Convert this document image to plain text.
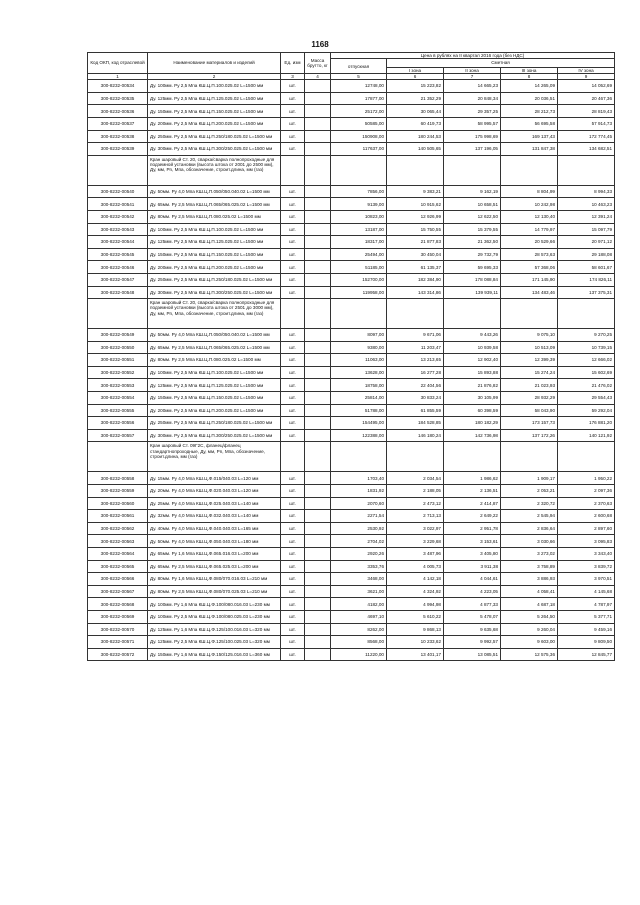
1168
Код ОКП, код отраслевой	Наименование материалов и изделий	Ед. изм	Масса брутто, кг	Цена в рублях на II квартал 2016 года (без НДС)				
				отпускная	Сметная			
					I зона	II зона	III зона	IV зона
1	2	3	4	5	6	7	8	9
300-8232-00534	Ду. 100мм. Ру 2,5 Мпа КШ.Ц.П.100.025.02 L=1500 мм	шт.		12748,00	15 223,82	14 665,23	14 265,09	14 052,69
300-8232-00535	Ду. 125мм. Ру 2,5 Мпа КШ.Ц.П.125.025.02 L=1500 мм	шт.		17877,00	21 352,29	20 848,34	20 036,51	20 467,36
300-8232-00536	Ду. 150мм. Ру 2,5 Мпа КШ.Ц.П.150.025.02 L=1500 мм	шт.		25172,00	30 065,44	29 357,25	28 212,73	28 819,43
300-8232-00537	Ду. 200мм. Ру 2,5 Мпа КШ.Ц.П.200.025.02 L=1500 мм	шт.		50585,00	60 419,73	58 995,57	56 695,58	57 914,73
300-8232-00538	Ду. 250мм. Ру 2,5 Мпа КШ.Ц.П.250/180.025.02 L=1500 мм	шт.		150908,00	180 244,53	175 998,69	169 137,43	172 774,45
300-8232-00539	Ду. 300мм. Ру 2,5 Мпа КШ.Ц.П.300/250.025.02 L=1500 мм	шт.		117637,00	140 505,65	137 196,05	131 847,38	134 682,51
	Кран шаровый Ст. 20, сварка/сварка полнопроходные для подземной установки (высота штока от 2001 до 2500 мм), Ду, мм, Рn, Мпа, обозначение, строит.длина, мм (газ)							
300-8232-00540	Ду. 50мм. Ру 4,0 Мпа КШ.Ц.П.050/050.040.02 L=1500 мм	шт.		7856,00	9 383,21	9 162,19	8 804,99	8 994,33
300-8232-00541	Ду. 65мм. Ру 2,5 Мпа КШ.Ц.П.065/065.025.02 L=1500 мм	шт.		9139,00	10 915,62	10 658,51	10 242,98	10 463,23
300-8232-00542	Ду. 80мм. Ру 2,5 Мпа КШ.Ц.П.080.025.02 L=1500 мм	шт.		10823,00	12 926,99	12 622,50	12 130,40	12 391,24
300-8232-00543	Ду. 100мм. Ру 2,5 Мпа КШ.Ц.П.100.025.02 L=1500 мм	шт.		13187,00	15 750,55	15 379,55	14 779,97	15 097,79
300-8232-00544	Ду. 125мм. Ру 2,5 Мпа КШ.Ц.П.125.025.02 L=1500 мм	шт.		18317,00	21 877,83	21 362,50	20 529,66	20 971,12
300-8232-00545	Ду. 150мм. Ру 2,5 Мпа КШ.Ц.П.150.025.02 L=1500 мм	шт.		25494,00	30 450,04	29 732,79	28 573,63	29 188,08
300-8232-00546	Ду. 200мм. Ру 2,5 Мпа КШ.Ц.П.200.025.02 L=1500 мм	шт.		51185,00	61 135,37	59 695,33	57 368,06	58 601,67
300-8232-00547	Ду. 250мм. Ру 2,5 Мпа КШ.Ц.П.250/180.025.02 L=1500 мм	шт.		152700,00	182 384,90	178 088,84	171 145,90	174 826,11
300-8232-00548	Ду. 300мм. Ру 2,5 Мпа КШ.Ц.П.300/250.025.02 L=1500 мм	шт.		119958,00	143 314,86	139 939,11	134 483,46	137 375,31
	Кран шаровый Ст. 20, сварка/сварка полнопроходные для подземной установки (высота штока от 2501 до 3000 мм), Ду, мм, Рn, Мпа, обозначение, строит.длина, мм (газ)							
300-8232-00549	Ду. 50мм. Ру 4,0 Мпа КШ.Ц.П.050/050.040.02 L=1500 мм	шт.		8097,00	9 671,06	9 443,26	9 075,10	9 270,25
300-8232-00550	Ду. 65мм. Ру 2,5 Мпа КШ.Ц.П.065/065.025.02 L=1500 мм	шт.		9380,00	11 203,47	10 939,58	10 513,09	10 739,15
300-8232-00551	Ду. 80мм. Ру 2,5 Мпа КШ.Ц.П.080.025.02 L=1500 мм	шт.		11063,00	13 213,65	12 902,40	12 399,39	12 666,02
300-8232-00552	Ду. 100мм. Ру 2,5 Мпа КШ.Ц.П.100.025.02 L=1500 мм	шт.		13628,00	16 277,28	15 893,88	15 274,24	15 602,69
300-8232-00553	Ду. 125мм. Ру 2,5 Мпа КШ.Ц.П.125.025.02 L=1500 мм	шт.		18758,00	22 404,56	21 876,82	21 023,93	21 476,02
300-8232-00554	Ду. 150мм. Ру 2,5 Мпа КШ.Ц.П.150.025.02 L=1500 мм	шт.		25814,00	30 833,24	30 105,99	28 932,29	29 554,43
300-8232-00555	Ду. 200мм. Ру 2,5 Мпа КШ.Ц.П.200.025.02 L=1500 мм	шт.		51788,00	61 855,59	60 398,59	58 043,90	59 292,04
300-8232-00556	Ду. 250мм. Ру 2,5 Мпа КШ.Ц.П.250/180.025.02 L=1500 мм	шт.		154495,00	184 528,85	180 182,29	173 157,73	176 881,20
300-8232-00557	Ду. 300мм. Ру 2,5 Мпа КШ.Ц.П.300/250.025.02 L=1500 мм	шт.		122388,00	146 180,24	142 736,98	137 172,26	140 121,92
	Кран шаровый Ст. 09Г2С, фланец/фланец стандартнопроходные, Ду, мм, Рn, Мпа, обозначение, строит.длина, мм (газ)							
300-8232-00558	Ду. 15мм. Ру 4,0 Мпа КШ.Ц.Ф.015/040.03 L=120 мм	шт.		1703,40	2 034,54	1 986,62	1 909,17	1 950,22
300-8232-00559	Ду. 20мм. Ру 4,0 Мпа КШ.Ц.Ф.020.040.03 L=120 мм	шт.		1831,92	2 188,05	2 136,51	2 053,21	2 097,36
300-8232-00560	Ду. 25мм. Ру 4,0 Мпа КШ.Ц.Ф.025.040.03 L=140 мм	шт.		2070,60	2 473,12	2 414,87	2 320,72	2 370,63
300-8232-00561	Ду. 32мм. Ру 4,0 Мпа КШ.Ц.Ф.032.040.03 L=140 мм	шт.		2271,54	2 713,13	2 649,22	2 545,94	2 600,68
300-8232-00562	Ду. 40мм. Ру 4,0 Мпа КШ.Ц.Ф.040.040.03 L=165 мм	шт.		2530,92	3 022,97	2 951,78	2 836,64	2 897,60
300-8232-00563	Ду. 50мм. Ру 4,0 Мпа КШ.Ц.Ф.050.040.03 L=180 мм	шт.		2704,02	3 229,68	3 153,61	3 030,66	3 095,83
300-8232-00564	Ду. 65мм. Ру 1,6 Мпа КШ.Ц.Ф.065.016.03 L=200 мм	шт.		2920,26	3 487,96	3 405,80	3 273,02	3 343,40
300-8232-00565	Ду. 65мм. Ру 2,5 Мпа КШ.Ц.Ф.065.025.03 L=200 мм	шт.		3353,76	4 005,73	3 911,38	3 758,89	3 839,72
300-8232-00566	Ду. 80мм. Ру 1,6 Мпа КШ.Ц.Ф.080/070.016.03 L=210 мм	шт.		3468,00	4 142,18	4 044,61	3 886,93	3 970,51
300-8232-00567	Ду. 80мм. Ру 2,5 Мпа КШ.Ц.Ф.080/070.025.03 L=210 мм	шт.		3621,00	4 324,92	4 223,05	4 058,41	4 145,68
300-8232-00568	Ду. 100мм. Ру 1,6 Мпа КШ.Ц.Ф.100/080.016.03 L=230 мм	шт.		4182,00	4 994,98	4 877,33	4 687,18	4 787,97
300-8232-00569	Ду. 100мм. Ру 2,5 Мпа КШ.Ц.Ф.100/080.025.03 L=230 мм	шт.		4697,10	5 610,22	5 478,07	5 264,50	5 377,71
300-8232-00570	Ду. 125мм. Ру 1,6 Мпа КШ.Ц.Ф.125/100.016.03 L=320 мм	шт.		8262,00	9 868,13	9 635,68	9 260,04	9 459,16
300-8232-00571	Ду. 125мм. Ру 2,5 Мпа КШ.Ц.Ф.125/100.025.03 L=320 мм	шт.		8568,00	10 233,62	9 992,57	9 603,00	9 809,50
300-8232-00572	Ду. 150мм. Ру 1,6 Мпа КШ.Ц.Ф.150/125.016.03 L=360 мм	шт.		11220,00	13 401,17	13 085,51	12 575,36	12 845,77
